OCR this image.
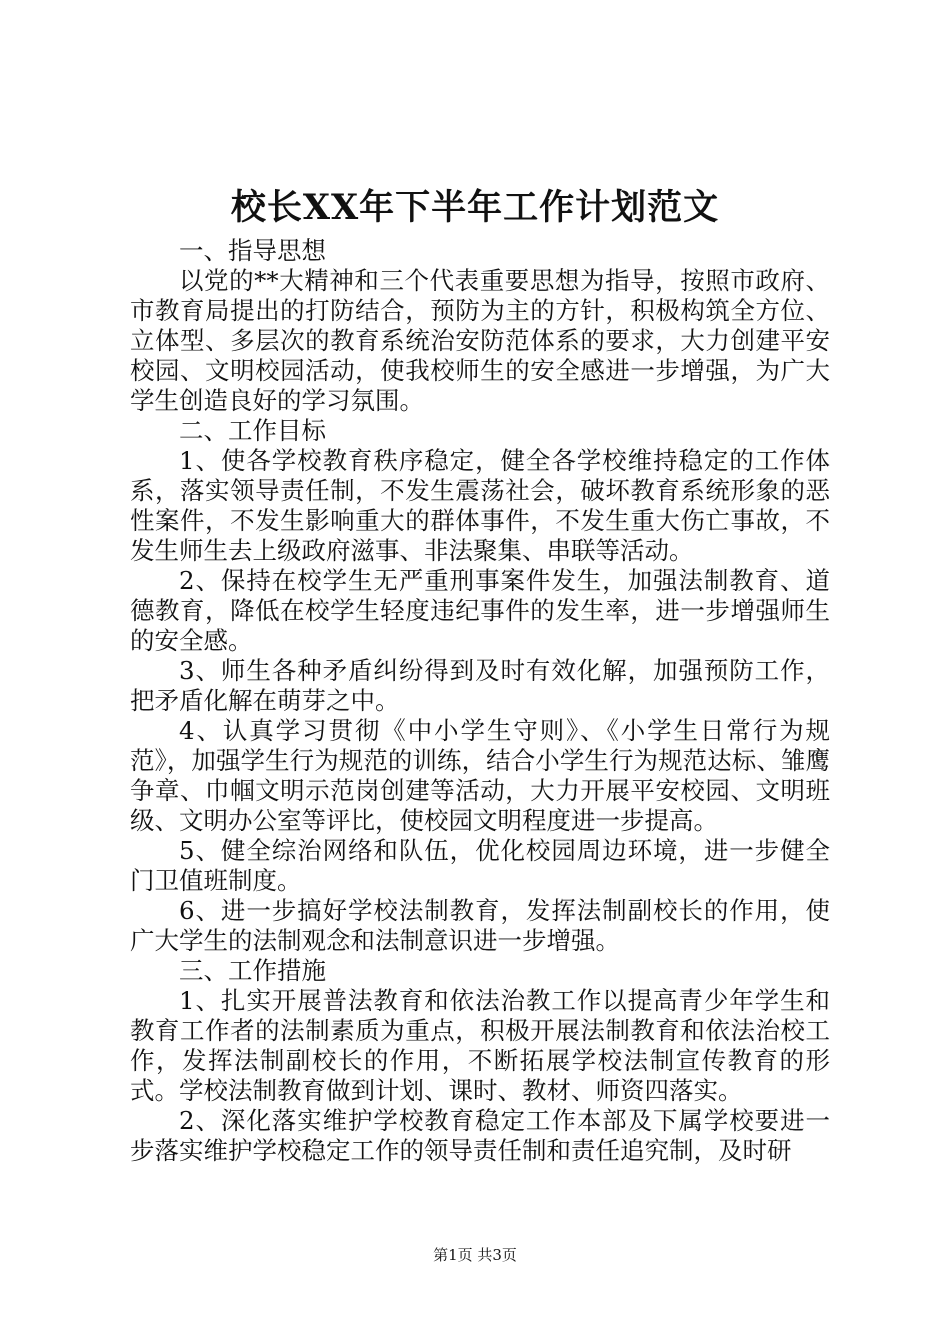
校长XX年下半年工作计划范文

一、指导思想

以党的**大精神和三个代表重要思想为指导，按照市政府、市教育局提出的打防结合，预防为主的方针，积极构筑全方位、立体型、多层次的教育系统治安防范体系的要求，大力创建平安校园、文明校园活动，使我校师生的安全感进一步增强，为广大学生创造良好的学习氛围。

二、工作目标

1、使各学校教育秩序稳定，健全各学校维持稳定的工作体系，落实领导责任制，不发生震荡社会，破坏教育系统形象的恶性案件，不发生影响重大的群体事件，不发生重大伤亡事故，不发生师生去上级政府滋事、非法聚集、串联等活动。

2、保持在校学生无严重刑事案件发生，加强法制教育、道德教育，降低在校学生轻度违纪事件的发生率，进一步增强师生的安全感。

3、师生各种矛盾纠纷得到及时有效化解，加强预防工作，把矛盾化解在萌芽之中。

4、认真学习贯彻《中小学生守则》、《小学生日常行为规范》，加强学生行为规范的训练，结合小学生行为规范达标、雏鹰争章、巾帼文明示范岗创建等活动，大力开展平安校园、文明班级、文明办公室等评比，使校园文明程度进一步提高。

5、健全综治网络和队伍，优化校园周边环境，进一步健全门卫值班制度。

6、进一步搞好学校法制教育，发挥法制副校长的作用，使广大学生的法制观念和法制意识进一步增强。

三、工作措施

1、扎实开展普法教育和依法治教工作以提高青少年学生和教育工作者的法制素质为重点，积极开展法制教育和依法治校工作，发挥法制副校长的作用，不断拓展学校法制宣传教育的形式。学校法制教育做到计划、课时、教材、师资四落实。

2、深化落实维护学校教育稳定工作本部及下属学校要进一步落实维护学校稳定工作的领导责任制和责任追究制，及时研

第1页 共3页
